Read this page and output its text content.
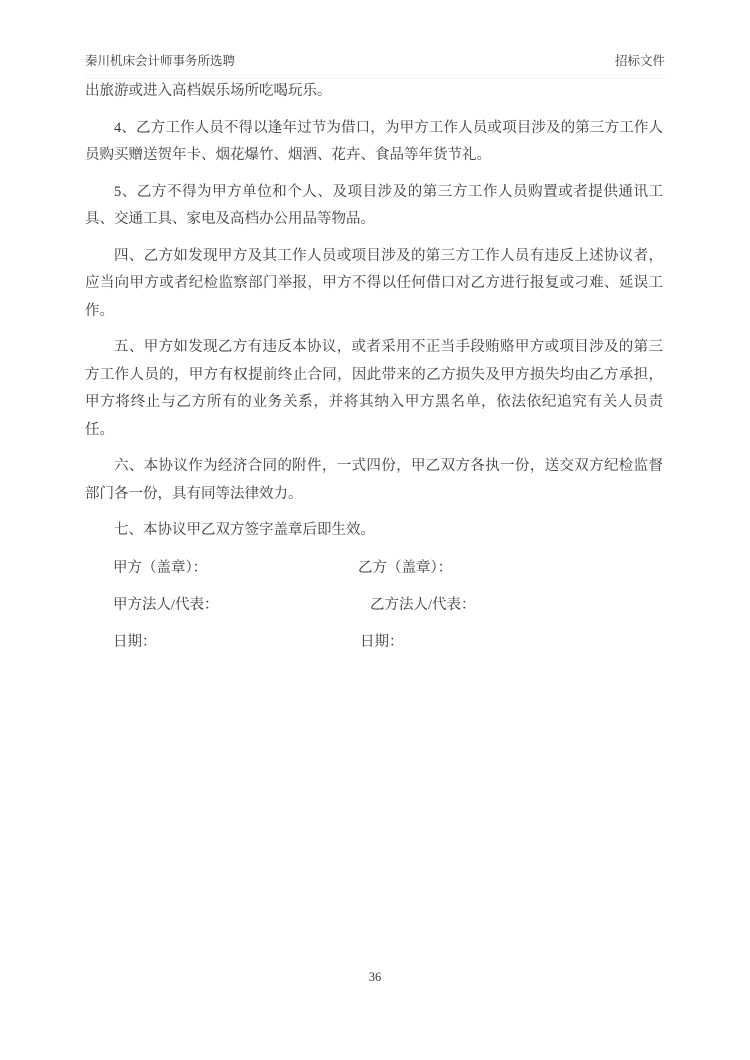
秦川机床会计师事务所选聘	招标文件

出旅游或进入高档娱乐场所吃喝玩乐。

4、乙方工作人员不得以逢年过节为借口，为甲方工作人员或项目涉及的第三方工作人员购买赠送贺年卡、烟花爆竹、烟酒、花卉、食品等年货节礼。

5、乙方不得为甲方单位和个人、及项目涉及的第三方工作人员购置或者提供通讯工具、交通工具、家电及高档办公用品等物品。

四、乙方如发现甲方及其工作人员或项目涉及的第三方工作人员有违反上述协议者，应当向甲方或者纪检监察部门举报，甲方不得以任何借口对乙方进行报复或刁难、延误工作。

五、甲方如发现乙方有违反本协议，或者采用不正当手段贿赂甲方或项目涉及的第三方工作人员的，甲方有权提前终止合同，因此带来的乙方损失及甲方损失均由乙方承担，甲方将终止与乙方所有的业务关系，并将其纳入甲方黑名单，依法依纪追究有关人员责任。

六、本协议作为经济合同的附件，一式四份，甲乙双方各执一份，送交双方纪检监督部门各一份，具有同等法律效力。

七、本协议甲乙双方签字盖章后即生效。

甲方（盖章）：	乙方（盖章）：
甲方法人/代表：	乙方法人/代表：
日期：	日期：
36
